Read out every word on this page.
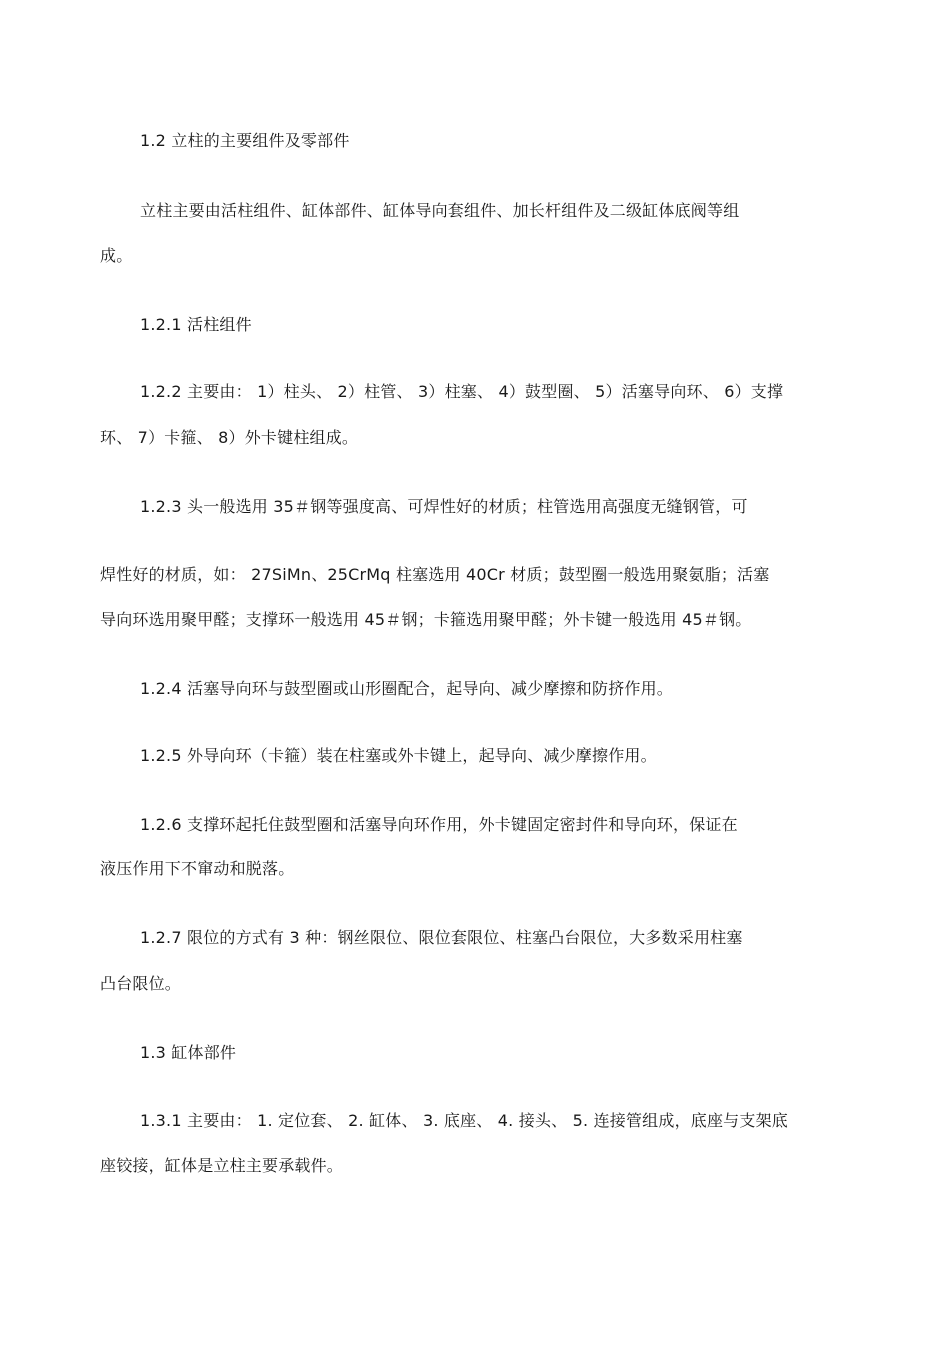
1.2 立柱的主要组件及零部件
立柱主要由活柱组件、缸体部件、缸体导向套组件、加长杆组件及二级缸体底阀等组
成。
1.2.1 活柱组件
1.2.2 主要由： 1）柱头、 2）柱管、 3）柱塞、 4）鼓型圈、 5）活塞导向环、 6）支撑
环、 7）卡箍、 8）外卡键柱组成。
1.2.3 头一般选用 35＃钢等强度高、可焊性好的材质；柱管选用高强度无缝钢管，可
焊性好的材质，如： 27SiMn、25CrMq 柱塞选用 40Cr 材质；鼓型圈一般选用聚氨脂；活塞
导向环选用聚甲醛；支撑环一般选用 45＃钢；卡箍选用聚甲醛；外卡键一般选用 45＃钢。
1.2.4 活塞导向环与鼓型圈或山形圈配合，起导向、减少摩擦和防挤作用。
1.2.5 外导向环（卡箍）装在柱塞或外卡键上，起导向、减少摩擦作用。
1.2.6 支撑环起托住鼓型圈和活塞导向环作用，外卡键固定密封件和导向环，保证在
液压作用下不窜动和脱落。
1.2.7 限位的方式有 3 种：钢丝限位、限位套限位、柱塞凸台限位，大多数采用柱塞
凸台限位。
1.3 缸体部件
1.3.1 主要由： 1. 定位套、 2. 缸体、 3. 底座、 4. 接头、 5. 连接管组成，底座与支架底
座铰接，缸体是立柱主要承载件。
